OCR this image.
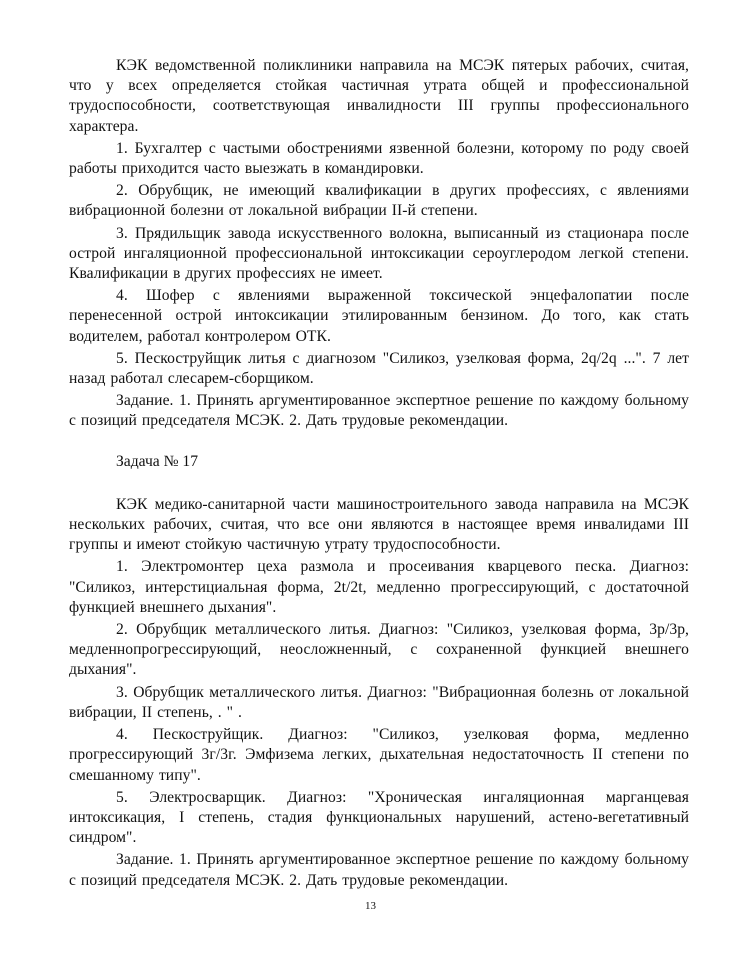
КЭК ведомственной поликлиники направила на МСЭК пятерых рабочих, считая, что у всех определяется стойкая частичная утрата общей и профессиональной трудоспособности, соответствующая инвалидности III группы профессионального характера.

1. Бухгалтер с частыми обострениями язвенной болезни, которому по роду своей работы приходится часто выезжать в командировки.

2. Обрубщик, не имеющий квалификации в других профессиях, с явлениями вибрационной болезни от локальной вибрации II-й степени.

3. Прядильщик завода искусственного волокна, выписанный из стационара после острой ингаляционной профессиональной интоксикации сероуглеродом легкой степени. Квалификации в других профессиях не имеет.

4. Шофер с явлениями выраженной токсической энцефалопатии после перенесенной острой интоксикации этилированным бензином. До того, как стать водителем, работал контролером ОТК.

5. Пескоструйщик литья с диагнозом "Силикоз, узелковая форма, 2q/2q ...". 7 лет назад работал слесарем-сборщиком.

Задание. 1. Принять аргументированное экспертное решение по каждому больному с позиций председателя МСЭК. 2. Дать трудовые рекомендации.

Задача № 17

КЭК медико-санитарной части машиностроительного завода направила на МСЭК нескольких рабочих, считая, что все они являются в настоящее время инвалидами III группы и имеют стойкую частичную утрату трудоспособности.

1. Электромонтер цеха размола и просеивания кварцевого песка. Диагноз: "Силикоз, интерстициальная форма, 2t/2t, медленно прогрессирующий, с достаточной функцией внешнего дыхания".

2. Обрубщик металлического литья. Диагноз: "Силикоз, узелковая форма, 3р/3р, медленнопрогрессирующий, неосложненный, с сохраненной функцией внешнего дыхания".

3. Обрубщик металлического литья. Диагноз: "Вибрационная болезнь от локальной вибрации, II степень, . " .

4. Пескоструйщик. Диагноз: "Силикоз, узелковая форма, медленно прогрессирующий 3г/3г. Эмфизема легких, дыхательная недостаточность II степени по смешанному типу".

5. Электросварщик. Диагноз: "Хроническая ингаляционная марганцевая интоксикация, I степень, стадия функциональных нарушений, астено-вегетативный синдром".

Задание. 1. Принять аргументированное экспертное решение по каждому больному с позиций председателя МСЭК. 2. Дать трудовые рекомендации.

13
